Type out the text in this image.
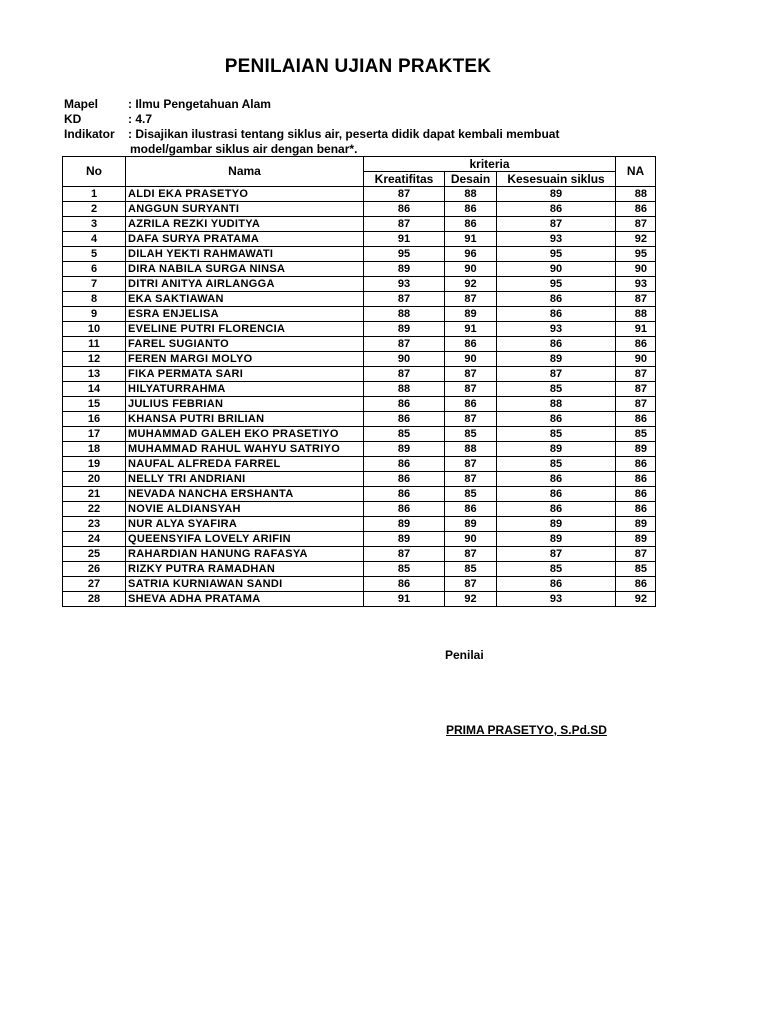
PENILAIAN UJIAN PRAKTEK
Mapel : Ilmu Pengetahuan Alam
KD	: 4.7
Indikator : Disajikan ilustrasi tentang siklus air, peserta didik dapat kembali membuat
model/gambar siklus air dengan benar*.
No	Nama	kriteria			NA
		Kreatifitas	Desain	Kesesuain siklus	
1	ALDI EKA PRASETYO	87	88	89	88
2	ANGGUN SURYANTI	86	86	86	86
3	AZRILA REZKI YUDITYA	87	86	87	87
4	DAFA SURYA PRATAMA	91	91	93	92
5	DILAH YEKTI RAHMAWATI	95	96	95	95
6	DIRA NABILA SURGA NINSA	89	90	90	90
7	DITRI ANITYA AIRLANGGA	93	92	95	93
8	EKA SAKTIAWAN	87	87	86	87
9	ESRA ENJELISA	88	89	86	88
10	EVELINE PUTRI FLORENCIA	89	91	93	91
11	FAREL SUGIANTO	87	86	86	86
12	FEREN MARGI MOLYO	90	90	89	90
13	FIKA PERMATA SARI	87	87	87	87
14	HILYATURRAHMA	88	87	85	87
15	JULIUS FEBRIAN	86	86	88	87
16	KHANSA PUTRI BRILIAN	86	87	86	86
17	MUHAMMAD GALEH EKO PRASETIYO	85	85	85	85
18	MUHAMMAD RAHUL WAHYU SATRIYO	89	88	89	89
19	NAUFAL ALFREDA FARREL	86	87	85	86
20	NELLY TRI ANDRIANI	86	87	86	86
21	NEVADA NANCHA ERSHANTA	86	85	86	86
22	NOVIE ALDIANSYAH	86	86	86	86
23	NUR ALYA SYAFIRA	89	89	89	89
24	QUEENSYIFA LOVELY ARIFIN	89	90	89	89
25	RAHARDIAN HANUNG RAFASYA	87	87	87	87
26	RIZKY PUTRA RAMADHAN	85	85	85	85
27	SATRIA KURNIAWAN SANDI	86	87	86	86
28	SHEVA ADHA PRATAMA	91	92	93	92
Penilai
PRIMA PRASETYO, S.Pd.SD
